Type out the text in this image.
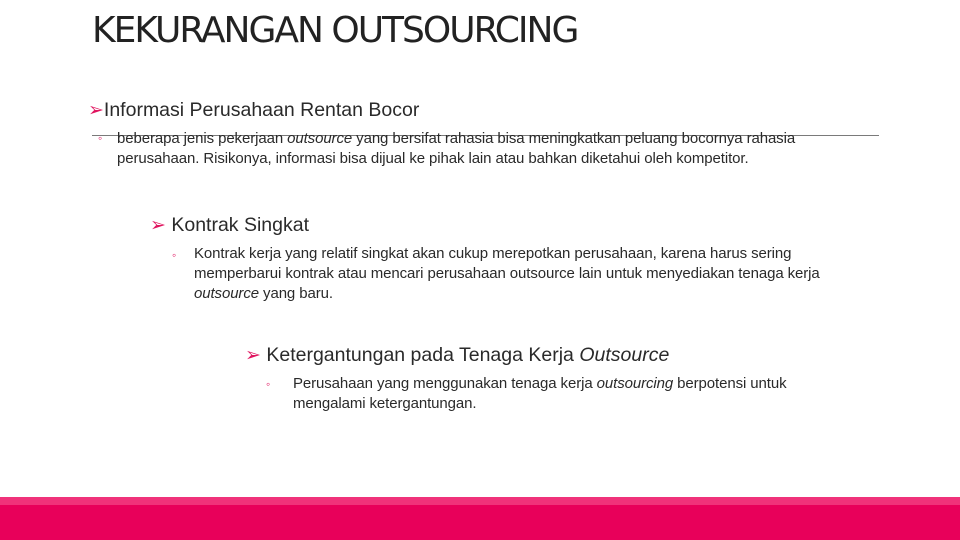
KEKURANGAN OUTSOURCING
➢Informasi Perusahaan Rentan Bocor
◦ beberapa jenis pekerjaan outsource yang bersifat rahasia bisa meningkatkan peluang bocornya rahasia perusahaan. Risikonya, informasi bisa dijual ke pihak lain atau bahkan diketahui oleh kompetitor.
➢ Kontrak Singkat
◦ Kontrak kerja yang relatif singkat akan cukup merepotkan perusahaan, karena harus sering memperbarui kontrak atau mencari perusahaan outsource lain untuk menyediakan tenaga kerja outsource yang baru.
➢ Ketergantungan pada Tenaga Kerja Outsource
◦ Perusahaan yang menggunakan tenaga kerja outsourcing berpotensi untuk mengalami ketergantungan.
